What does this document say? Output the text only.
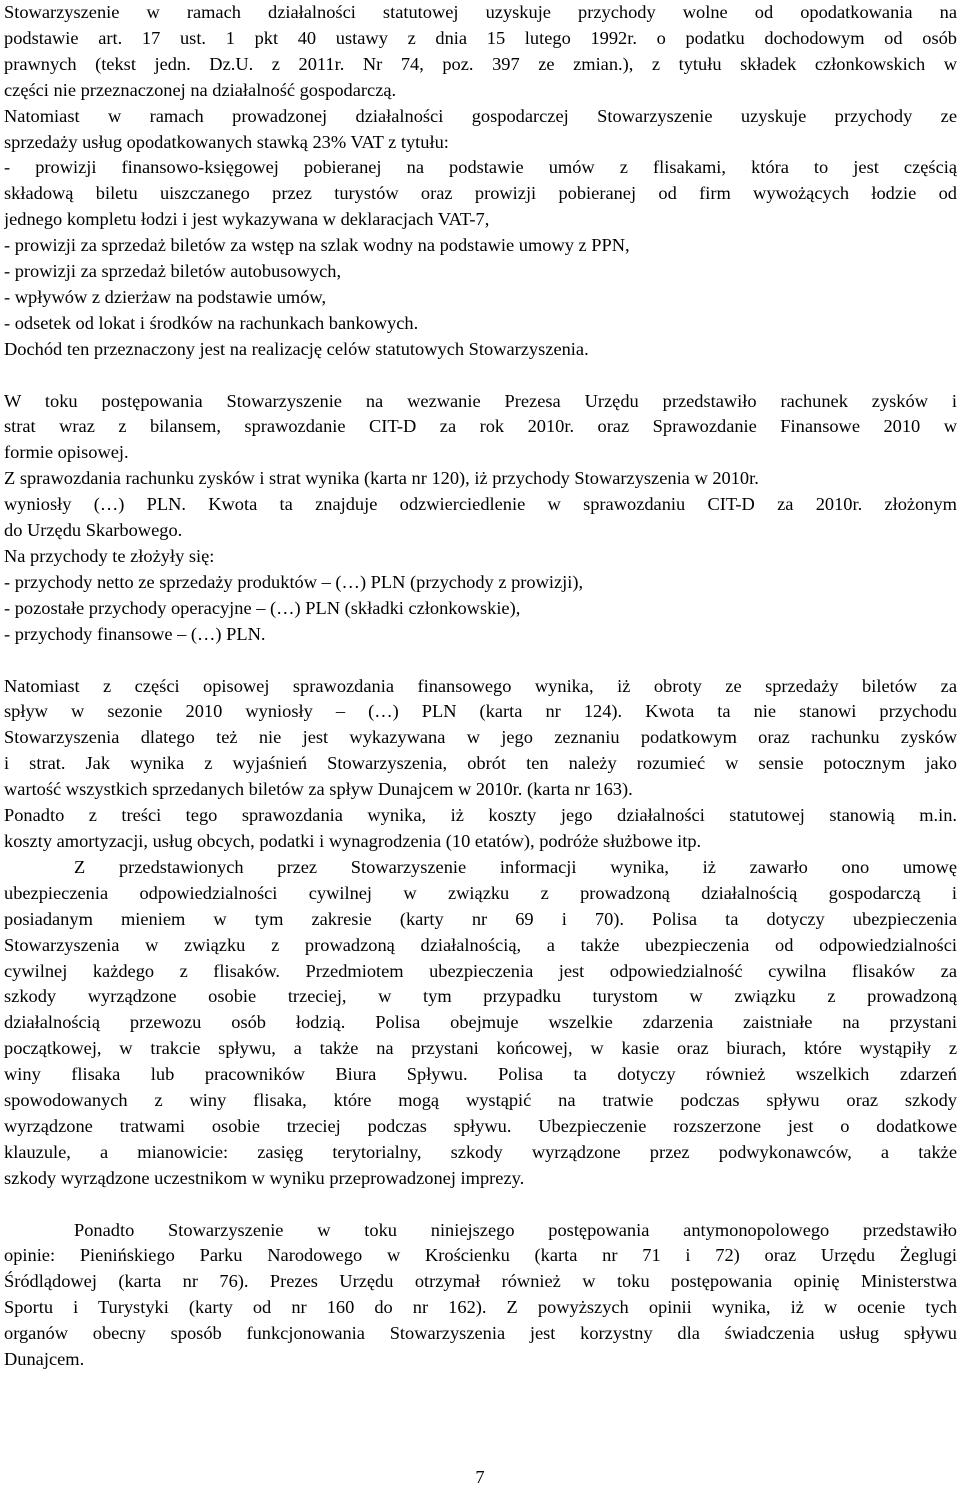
Stowarzyszenie w ramach działalności statutowej uzyskuje przychody wolne od opodatkowania na
podstawie art. 17 ust. 1 pkt 40 ustawy z dnia 15 lutego 1992r. o podatku dochodowym od osób
prawnych (tekst jedn. Dz.U. z 2011r. Nr 74, poz. 397 ze zmian.), z tytułu składek członkowskich w
części nie przeznaczonej na działalność gospodarczą.
Natomiast w ramach prowadzonej działalności gospodarczej Stowarzyszenie uzyskuje przychody ze
sprzedaży usług opodatkowanych stawką 23% VAT z tytułu:
- prowizji finansowo-księgowej pobieranej na podstawie umów z flisakami, która to jest częścią
składową biletu uiszczanego przez turystów oraz prowizji pobieranej od firm wywożących łodzie od
jednego kompletu łodzi i jest wykazywana w deklaracjach VAT-7,
- prowizji za sprzedaż biletów za wstęp na szlak wodny na podstawie umowy z PPN,
- prowizji za sprzedaż biletów autobusowych,
- wpływów z dzierżaw na podstawie umów,
- odsetek od lokat i środków na rachunkach bankowych.
Dochód ten przeznaczony jest na realizację celów statutowych Stowarzyszenia.
W toku postępowania Stowarzyszenie na wezwanie Prezesa Urzędu przedstawiło rachunek zysków i
strat wraz z bilansem, sprawozdanie CIT-D za rok 2010r. oraz Sprawozdanie Finansowe 2010 w
formie opisowej.
Z sprawozdania rachunku zysków i strat wynika (karta nr 120), iż przychody Stowarzyszenia w 2010r.
wyniosły (…) PLN. Kwota ta znajduje odzwierciedlenie w sprawozdaniu CIT-D za 2010r. złożonym
do Urzędu Skarbowego.
Na przychody te złożyły się:
- przychody netto ze sprzedaży produktów – (…) PLN (przychody z prowizji),
- pozostałe przychody operacyjne – (…) PLN (składki członkowskie),
- przychody finansowe – (…) PLN.
Natomiast z części opisowej sprawozdania finansowego wynika, iż obroty ze sprzedaży biletów za
spływ w sezonie 2010 wyniosły – (…) PLN (karta nr 124). Kwota ta nie stanowi przychodu
Stowarzyszenia dlatego też nie jest wykazywana w jego zeznaniu podatkowym oraz rachunku zysków
i strat. Jak wynika z wyjaśnień Stowarzyszenia, obrót ten należy rozumieć w sensie potocznym jako
wartość wszystkich sprzedanych biletów za spływ Dunajcem w 2010r. (karta nr 163).
Ponadto z treści tego sprawozdania wynika, iż koszty jego działalności statutowej stanowią m.in.
koszty amortyzacji, usług obcych, podatki i wynagrodzenia (10 etatów), podróże służbowe itp.
Z przedstawionych przez Stowarzyszenie informacji wynika, iż zawarło ono umowę
ubezpieczenia odpowiedzialności cywilnej w związku z prowadzoną działalnością gospodarczą i
posiadanym mieniem w tym zakresie (karty nr 69 i 70). Polisa ta dotyczy ubezpieczenia
Stowarzyszenia w związku z prowadzoną działalnością, a także ubezpieczenia od odpowiedzialności
cywilnej każdego z flisaków. Przedmiotem ubezpieczenia jest odpowiedzialność cywilna flisaków za
szkody wyrządzone osobie trzeciej, w tym przypadku turystom w związku z prowadzoną
działalnością przewozu osób łodzią. Polisa obejmuje wszelkie zdarzenia zaistniałe na przystani
początkowej, w trakcie spływu, a także na przystani końcowej, w kasie oraz biurach, które wystąpiły z
winy flisaka lub pracowników Biura Spływu. Polisa ta dotyczy również wszelkich zdarzeń
spowodowanych z winy flisaka, które mogą wystąpić na tratwie podczas spływu oraz szkody
wyrządzone tratwami osobie trzeciej podczas spływu. Ubezpieczenie rozszerzone jest o dodatkowe
klauzule, a mianowicie: zasięg terytorialny, szkody wyrządzone przez podwykonawców, a także
szkody wyrządzone uczestnikom w wyniku przeprowadzonej imprezy.
Ponadto Stowarzyszenie w toku niniejszego postępowania antymonopolowego przedstawiło
opinie: Pienińskiego Parku Narodowego w Krościenku (karta nr 71 i 72) oraz Urzędu Żeglugi
Śródlądowej (karta nr 76). Prezes Urzędu otrzymał również w toku postępowania opinię Ministerstwa
Sportu i Turystyki (karty od nr 160 do nr 162). Z powyższych opinii wynika, iż w ocenie tych
organów obecny sposób funkcjonowania Stowarzyszenia jest korzystny dla świadczenia usług spływu
Dunajcem.
7
